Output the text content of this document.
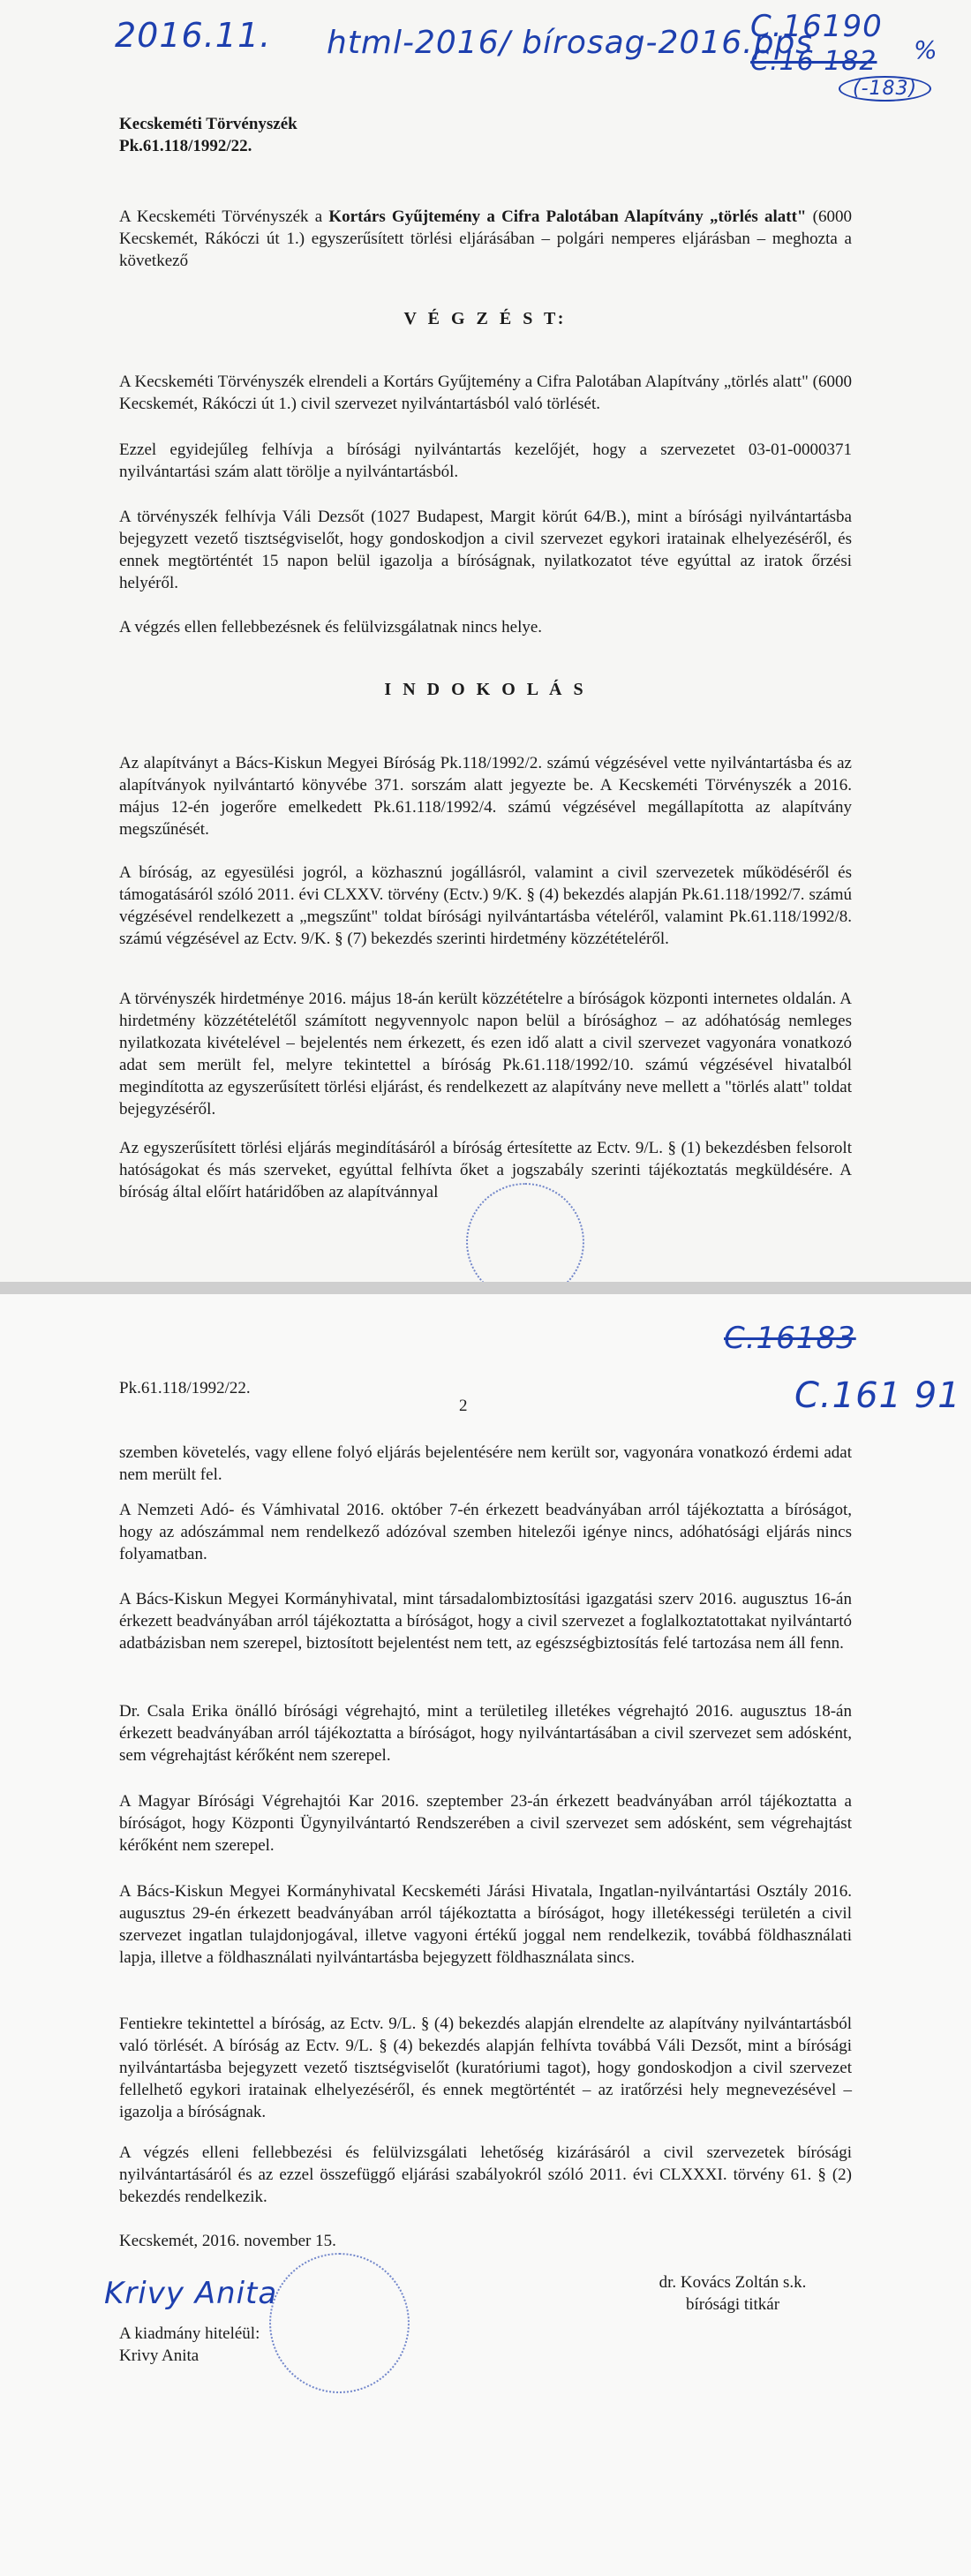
2016.11. html-2016/ bírosag-2016.pps
C.16190
C.16 182
(-183)
%
Kecskeméti Törvényszék
Pk.61.118/1992/22.
A Kecskeméti Törvényszék a Kortárs Gyűjtemény a Cifra Palotában Alapítvány „törlés alatt" (6000 Kecskemét, Rákóczi út 1.) egyszerűsített törlési eljárásában – polgári nemperes eljárásban – meghozta a következő
V É G Z É S T:
A Kecskeméti Törvényszék elrendeli a Kortárs Gyűjtemény a Cifra Palotában Alapítvány „törlés alatt" (6000 Kecskemét, Rákóczi út 1.) civil szervezet nyilvántartásból való törlését.
Ezzel egyidejűleg felhívja a bírósági nyilvántartás kezelőjét, hogy a szervezetet 03-01-0000371 nyilvántartási szám alatt törölje a nyilvántartásból.
A törvényszék felhívja Váli Dezsőt (1027 Budapest, Margit körút 64/B.), mint a bírósági nyilvántartásba bejegyzett vezető tisztségviselőt, hogy gondoskodjon a civil szervezet egykori iratainak elhelyezéséről, és ennek megtörténtét 15 napon belül igazolja a bíróságnak, nyilatkozatot téve egyúttal az iratok őrzési helyéről.
A végzés ellen fellebbezésnek és felülvizsgálatnak nincs helye.
I N D O K O L Á S
Az alapítványt a Bács-Kiskun Megyei Bíróság Pk.118/1992/2. számú végzésével vette nyilvántartásba és az alapítványok nyilvántartó könyvébe 371. sorszám alatt jegyezte be. A Kecskeméti Törvényszék a 2016. május 12-én jogerőre emelkedett Pk.61.118/1992/4. számú végzésével megállapította az alapítvány megszűnését.
A bíróság, az egyesülési jogról, a közhasznú jogállásról, valamint a civil szervezetek működéséről és támogatásáról szóló 2011. évi CLXXV. törvény (Ectv.) 9/K. § (4) bekezdés alapján Pk.61.118/1992/7. számú végzésével rendelkezett a „megszűnt" toldat bírósági nyilvántartásba vételéről, valamint Pk.61.118/1992/8. számú végzésével az Ectv. 9/K. § (7) bekezdés szerinti hirdetmény közzétételéről.
A törvényszék hirdetménye 2016. május 18-án került közzétételre a bíróságok központi internetes oldalán. A hirdetmény közzétételétől számított negyvennyolc napon belül a bírósághoz – az adóhatóság nemleges nyilatkozata kivételével – bejelentés nem érkezett, és ezen idő alatt a civil szervezet vagyonára vonatkozó adat sem merült fel, melyre tekintettel a bíróság Pk.61.118/1992/10. számú végzésével hivatalból megindította az egyszerűsített törlési eljárást, és rendelkezett az alapítvány neve mellett a "törlés alatt" toldat bejegyzéséről.
Az egyszerűsített törlési eljárás megindításáról a bíróság értesítette az Ectv. 9/L. § (1) bekezdésben felsorolt hatóságokat és más szerveket, egyúttal felhívta őket a jogszabály szerinti tájékoztatás megküldésére. A bíróság által előírt határidőben az alapítvánnyal
C.16183
C.161 91
Pk.61.118/1992/22.
2
szemben követelés, vagy ellene folyó eljárás bejelentésére nem került sor, vagyonára vonatkozó érdemi adat nem merült fel.
A Nemzeti Adó- és Vámhivatal 2016. október 7-én érkezett beadványában arról tájékoztatta a bíróságot, hogy az adószámmal nem rendelkező adózóval szemben hitelezői igénye nincs, adóhatósági eljárás nincs folyamatban.
A Bács-Kiskun Megyei Kormányhivatal, mint társadalombiztosítási igazgatási szerv 2016. augusztus 16-án érkezett beadványában arról tájékoztatta a bíróságot, hogy a civil szervezet a foglalkoztatottakat nyilvántartó adatbázisban nem szerepel, biztosított bejelentést nem tett, az egészségbiztosítás felé tartozása nem áll fenn.
Dr. Csala Erika önálló bírósági végrehajtó, mint a területileg illetékes végrehajtó 2016. augusztus 18-án érkezett beadványában arról tájékoztatta a bíróságot, hogy nyilvántartásában a civil szervezet sem adósként, sem végrehajtást kérőként nem szerepel.
A Magyar Bírósági Végrehajtói Kar 2016. szeptember 23-án érkezett beadványában arról tájékoztatta a bíróságot, hogy Központi Ügynyilvántartó Rendszerében a civil szervezet sem adósként, sem végrehajtást kérőként nem szerepel.
A Bács-Kiskun Megyei Kormányhivatal Kecskeméti Járási Hivatala, Ingatlan-nyilvántartási Osztály 2016. augusztus 29-én érkezett beadványában arról tájékoztatta a bíróságot, hogy illetékességi területén a civil szervezet ingatlan tulajdonjogával, illetve vagyoni értékű joggal nem rendelkezik, továbbá földhasználati lapja, illetve a földhasználati nyilvántartásba bejegyzett földhasználata sincs.
Fentiekre tekintettel a bíróság, az Ectv. 9/L. § (4) bekezdés alapján elrendelte az alapítvány nyilvántartásból való törlését. A bíróság az Ectv. 9/L. § (4) bekezdés alapján felhívta továbbá Váli Dezsőt, mint a bírósági nyilvántartásba bejegyzett vezető tisztségviselőt (kuratóriumi tagot), hogy gondoskodjon a civil szervezet fellelhető egykori iratainak elhelyezéséről, és ennek megtörténtét – az iratőrzési hely megnevezésével – igazolja a bíróságnak.
A végzés elleni fellebbezési és felülvizsgálati lehetőség kizárásáról a civil szervezetek bírósági nyilvántartásáról és az ezzel összefüggő eljárási szabályokról szóló 2011. évi CLXXXI. törvény 61. § (2) bekezdés rendelkezik.
Kecskemét, 2016. november 15.
dr. Kovács Zoltán s.k.
bírósági titkár
A kiadmány hiteléül:
Krivy Anita
Krivy Anita
